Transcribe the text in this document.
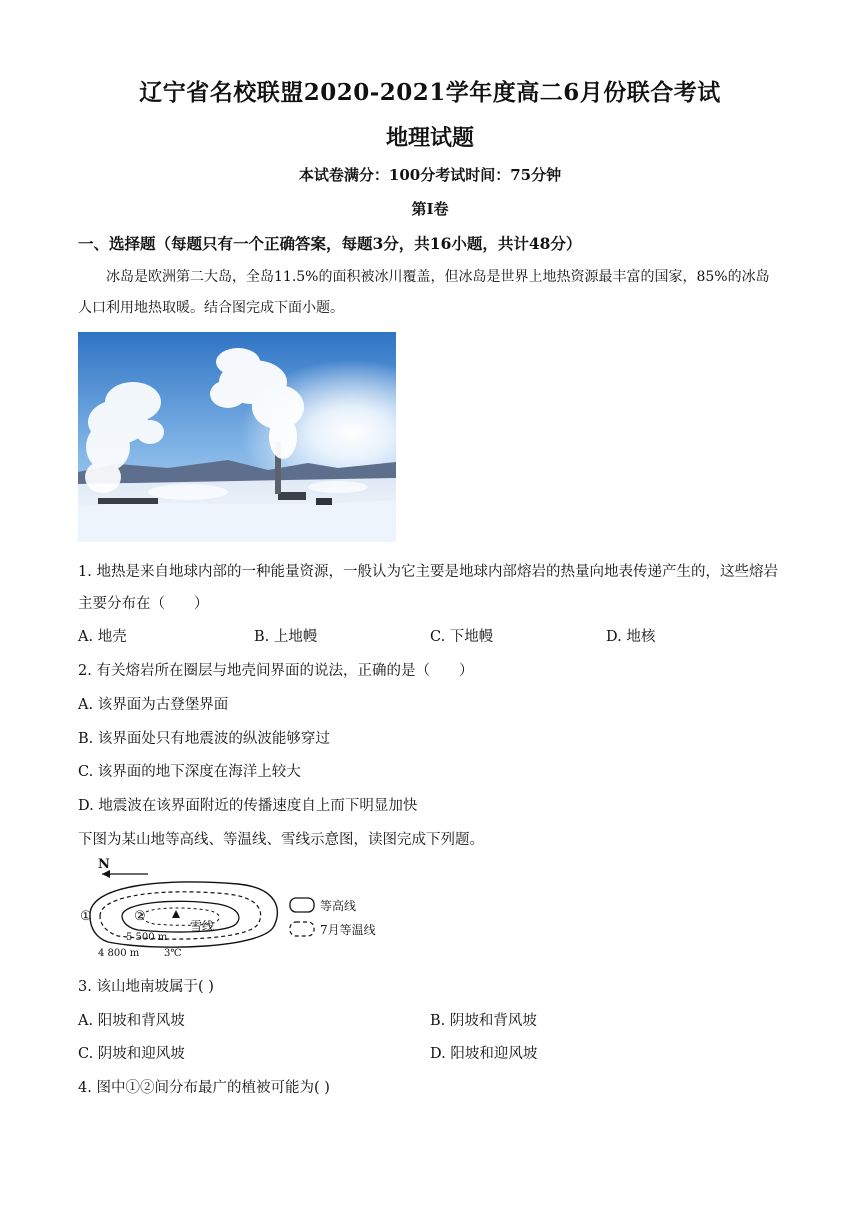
辽宁省名校联盟2020-2021学年度高二6月份联合考试
地理试题
本试卷满分：100分考试时间：75分钟
第Ⅰ卷
一、选择题（每题只有一个正确答案，每题3分，共16小题，共计48分）
冰岛是欧洲第二大岛，全岛11.5%的面积被冰川覆盖，但冰岛是世界上地热资源最丰富的国家，85%的冰岛人口利用地热取暖。结合图完成下面小题。
1. 地热是来自地球内部的一种能量资源，一般认为它主要是地球内部熔岩的热量向地表传递产生的，这些熔岩主要分布在（　　）
A. 地壳	B. 上地幔	C. 下地幔	D. 地核
2. 有关熔岩所在圈层与地壳间界面的说法，正确的是（　　）
A. 该界面为古登堡界面
B. 该界面处只有地震波的纵波能够穿过
C. 该界面的地下深度在海洋上较大
D. 地震波在该界面附近的传播速度自上而下明显加快
下图为某山地等高线、等温线、雪线示意图，读图完成下列题。
N
①	②
雪线
5 500 m
4 800 m 3℃
等高线
7月等温线
3. 该山地南坡属于( )
A. 阳坡和背风坡	B. 阴坡和背风坡
C. 阴坡和迎风坡	D. 阳坡和迎风坡
4. 图中①②间分布最广的植被可能为( )
